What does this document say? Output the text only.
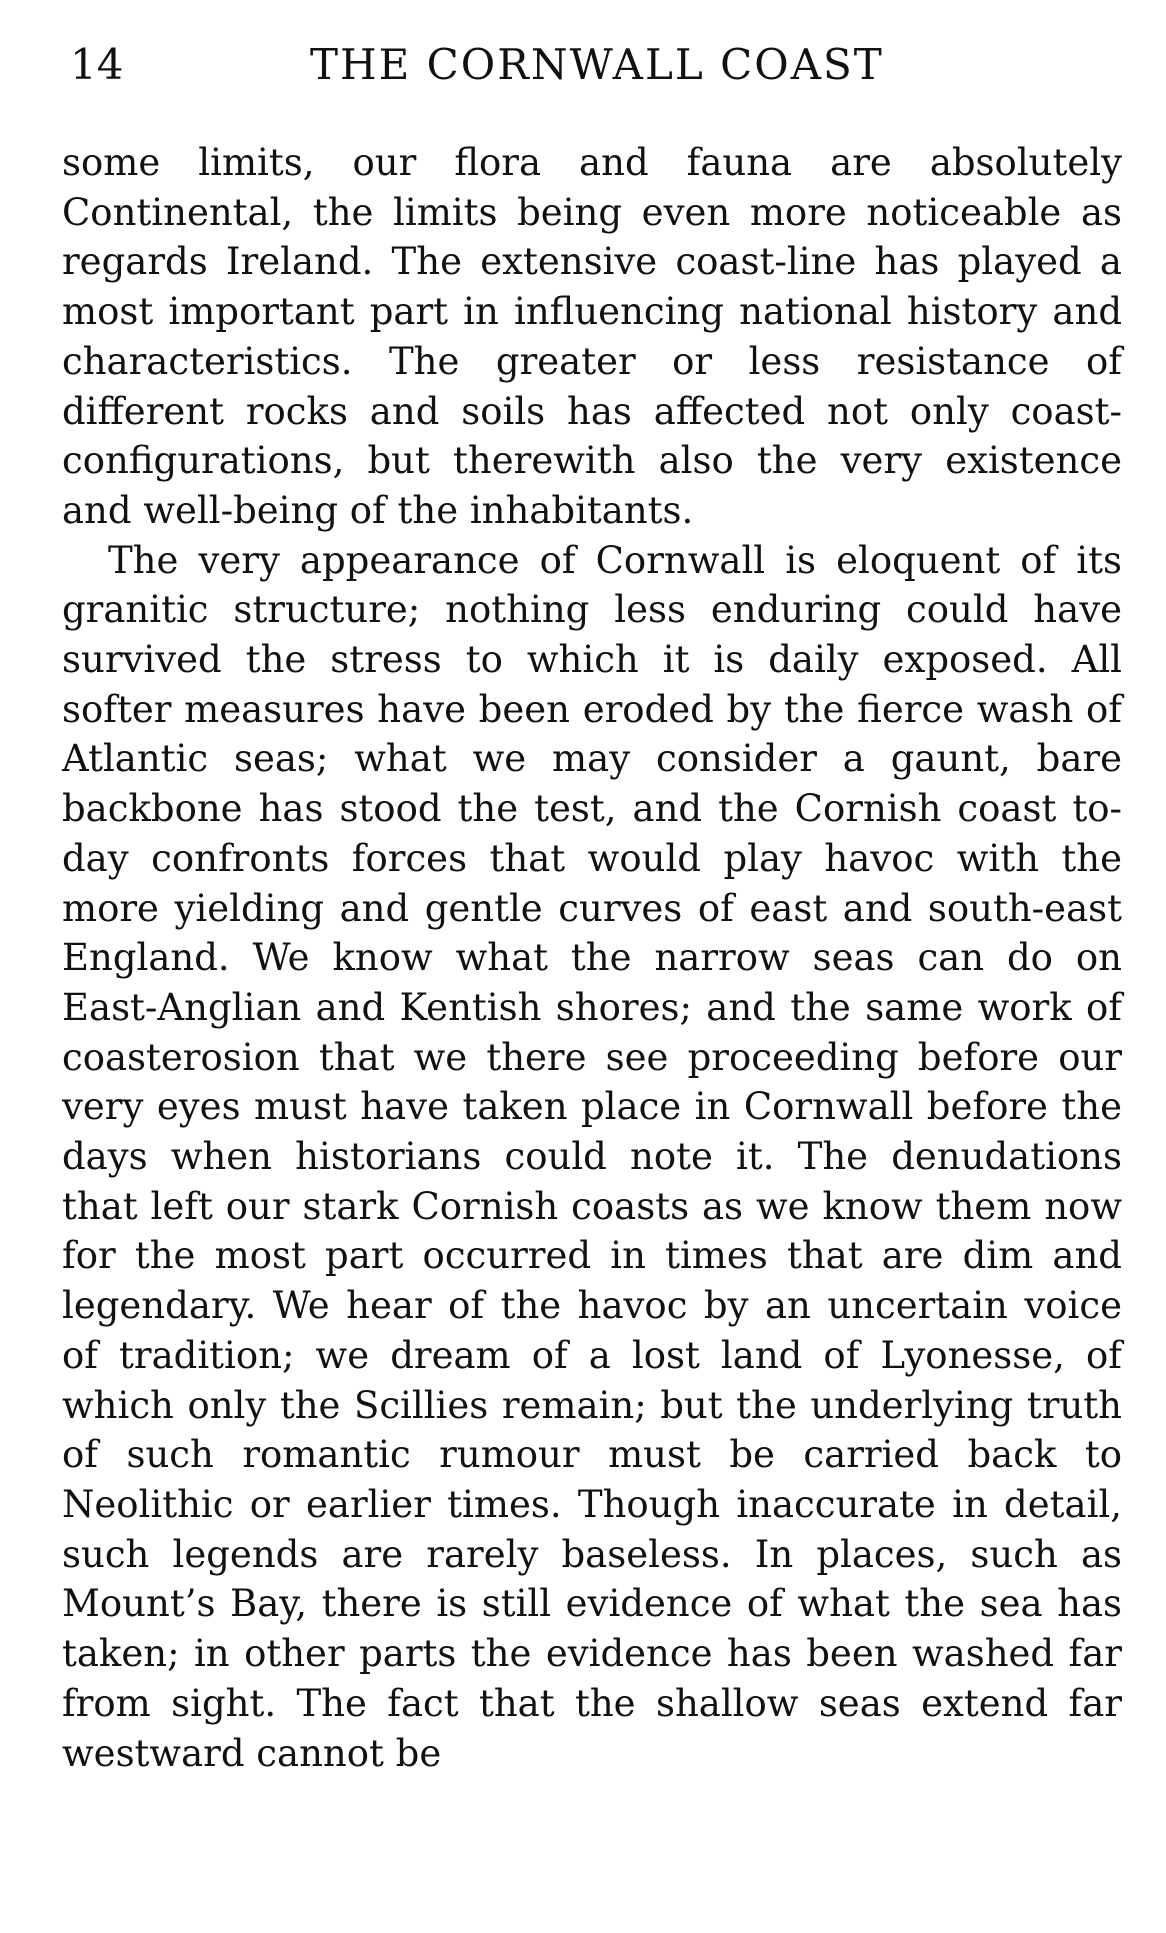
14	THE CORNWALL COAST

some limits, our flora and fauna are absolutely Continental, the limits being even more noticeable as regards Ireland. The extensive coast-line has played a most important part in influencing national history and characteristics. The greater or less resistance of different rocks and soils has affected not only coast-configurations, but therewith also the very existence and well-being of the inhabitants.

The very appearance of Cornwall is eloquent of its granitic structure; nothing less enduring could have survived the stress to which it is daily exposed. All softer measures have been eroded by the fierce wash of Atlantic seas; what we may consider a gaunt, bare backbone has stood the test, and the Cornish coast to-day confronts forces that would play havoc with the more yielding and gentle curves of east and south-east England. We know what the narrow seas can do on East-Anglian and Kentish shores; and the same work of coasterosion that we there see proceeding before our very eyes must have taken place in Cornwall before the days when historians could note it. The denudations that left our stark Cornish coasts as we know them now for the most part occurred in times that are dim and legendary. We hear of the havoc by an uncertain voice of tradition; we dream of a lost land of Lyonesse, of which only the Scillies remain; but the underlying truth of such romantic rumour must be carried back to Neolithic or earlier times. Though inaccurate in detail, such legends are rarely baseless. In places, such as Mount’s Bay, there is still evidence of what the sea has taken; in other parts the evidence has been washed far from sight. The fact that the shallow seas extend far westward cannot be
